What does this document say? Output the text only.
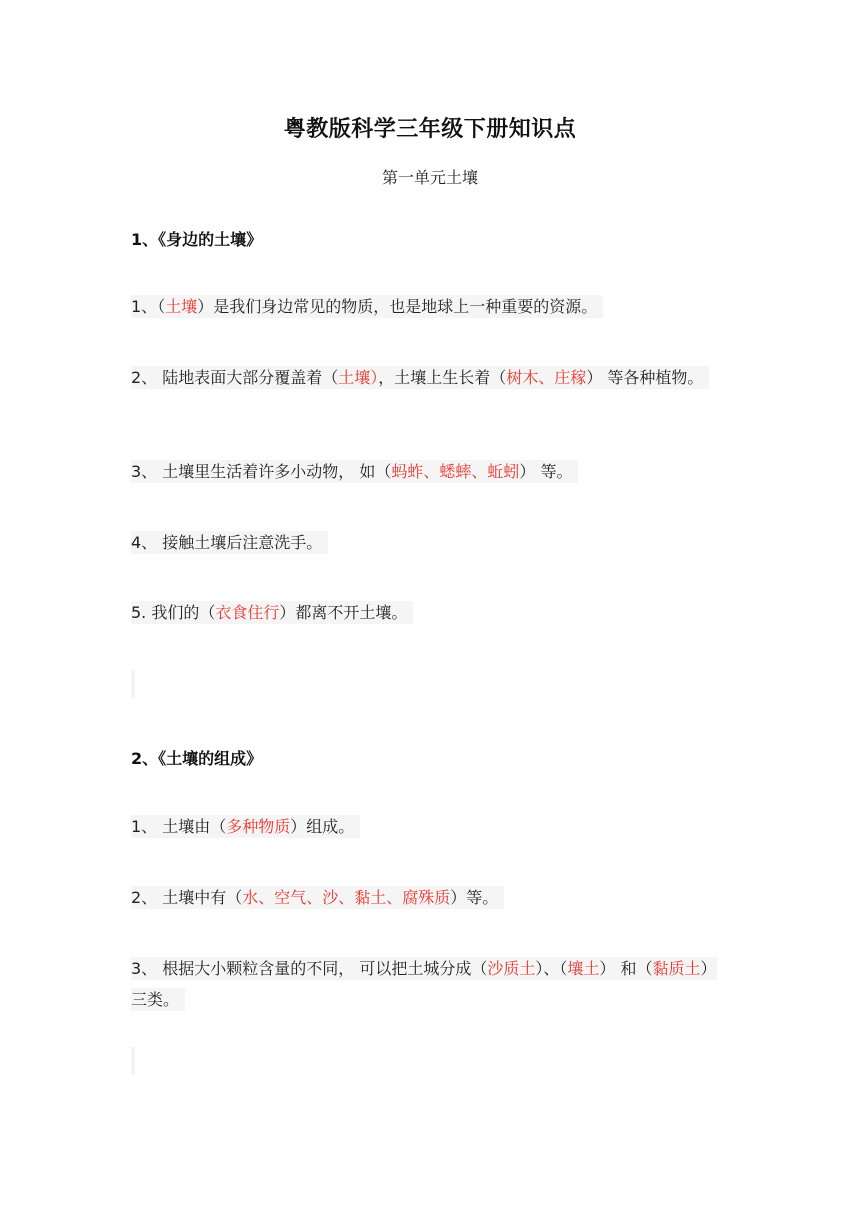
粤教版科学三年级下册知识点
第一单元土壤
1、《身边的土壤》
1、（土壤）是我们身边常见的物质，也是地球上一种重要的资源。
2、 陆地表面大部分覆盖着（土壤），土壤上生长着（树木、庄稼） 等各种植物。
3、 土壤里生活着许多小动物， 如（蚂蚱、蟋蟀、蚯蚓） 等。
4、 接触土壤后注意洗手。
5. 我们的（衣食住行）都离不开土壤。
2、《土壤的组成》
1、 土壤由（多种物质）组成。
2、 土壤中有（水、空气、沙、黏土、腐殊质）等。
3、 根据大小颗粒含量的不同， 可以把土城分成（沙质土）、（壤土） 和（黏质土）三类。
